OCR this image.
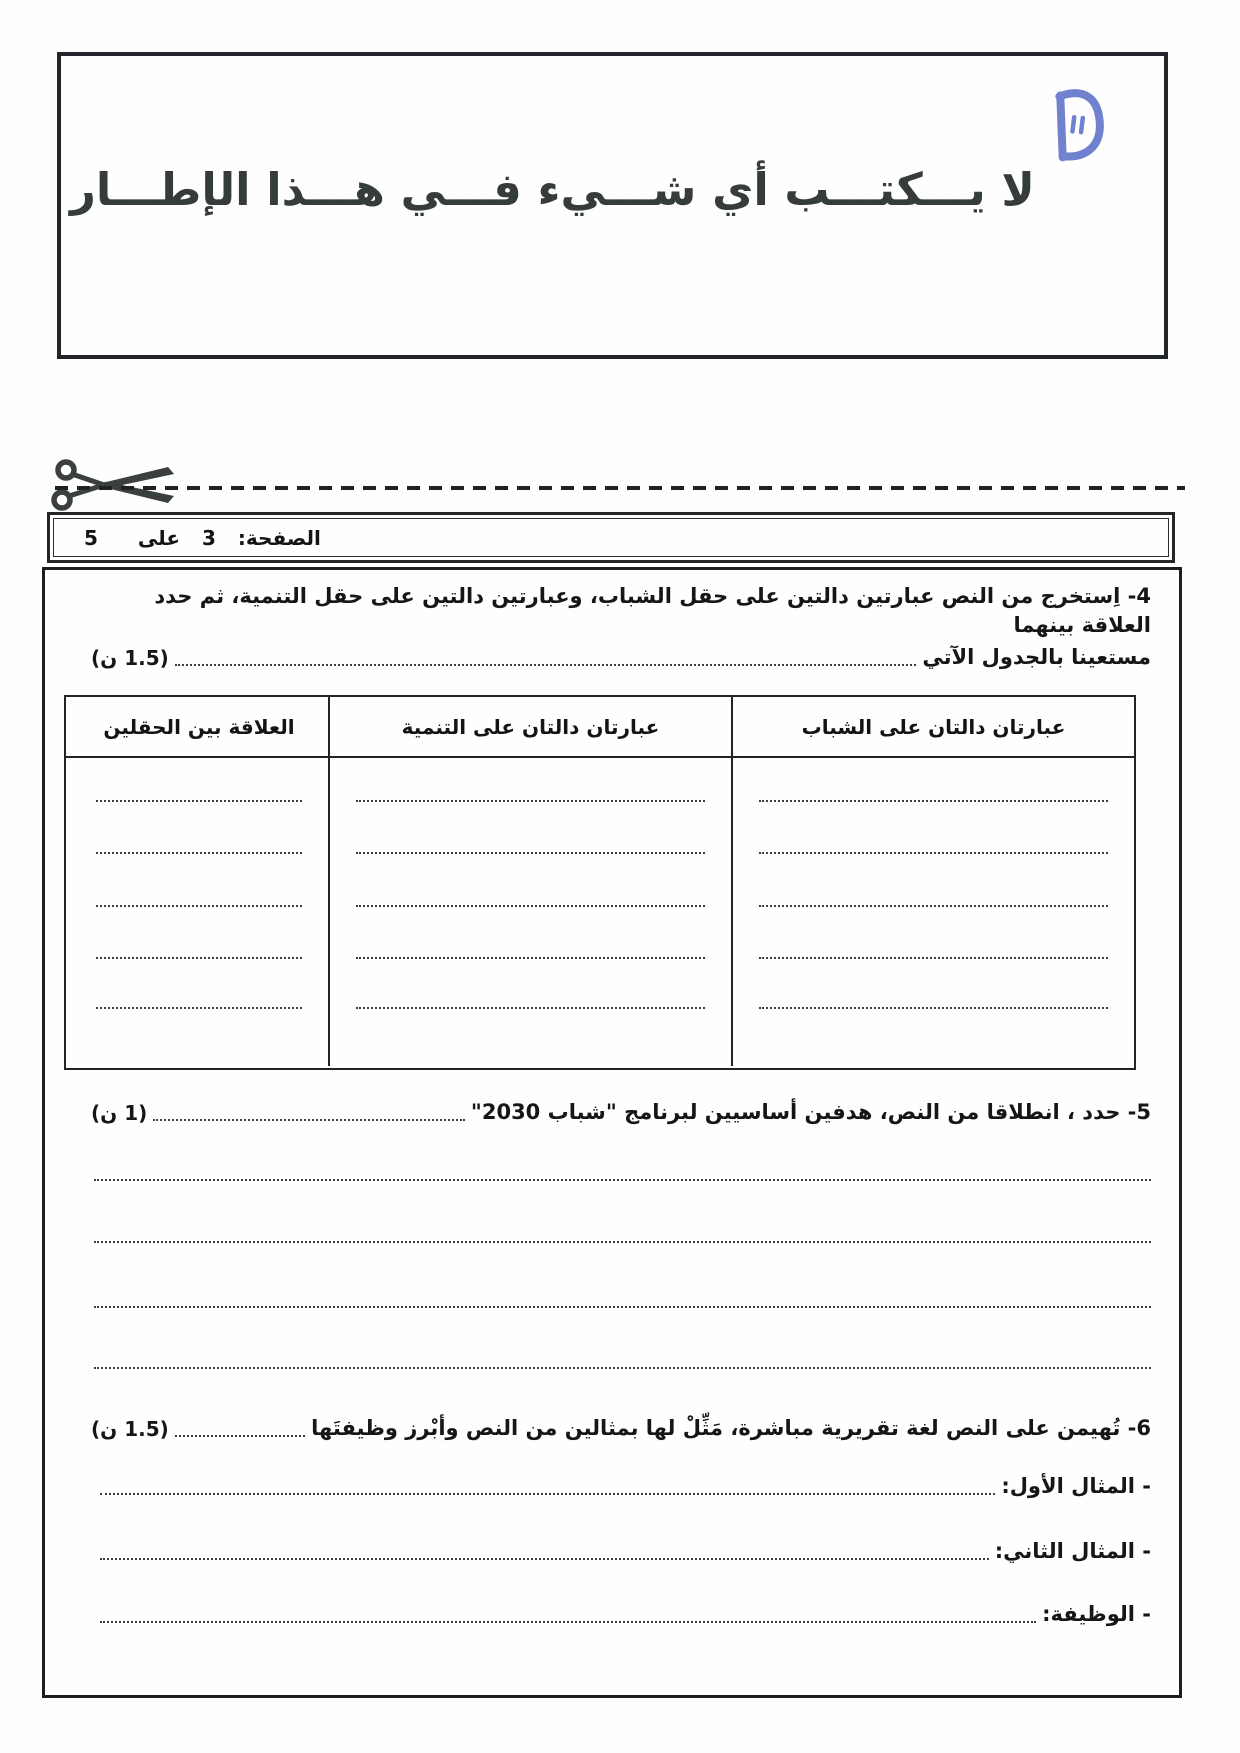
لا يـــكتـــب أي شـــيء فـــي هـــذا الإطـــار
الصفحة:
3
على
5
4- اِستخرج من النص عبارتين دالتين على حقل الشباب، وعبارتين دالتين على حقل التنمية، ثم حدد العلاقة بينهما
مستعينا بالجدول الآتي
(1.5 ن)
عبارتان دالتان على الشباب
عبارتان دالتان على التنمية
العلاقة بين الحقلين
5- حدد ، انطلاقا من النص، هدفين أساسيين لبرنامج "شباب 2030"
(1 ن)
6- تُهيمن على النص لغة تقريرية مباشرة، مَثِّلْ لها بمثالين من النص وأبْرز وظيفتَها
(1.5 ن)
- المثال الأول:
- المثال الثاني:
- الوظيفة:
